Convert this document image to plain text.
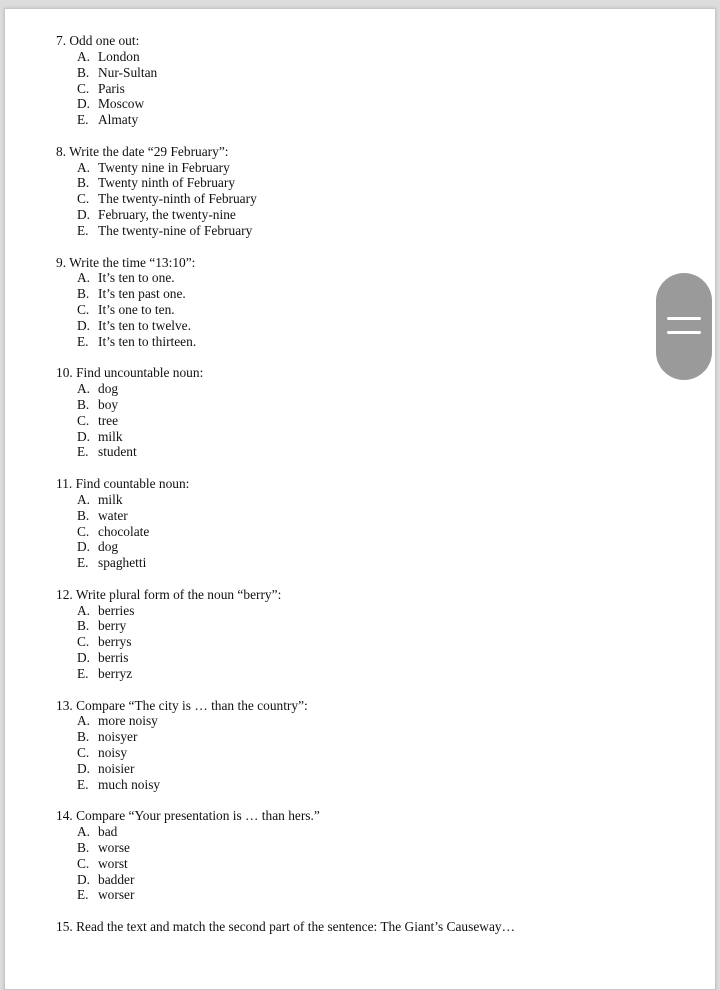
7. Odd one out:
A. London
B. Nur-Sultan
C. Paris
D. Moscow
E. Almaty
8. Write the date “29 February”:
A. Twenty nine in February
B. Twenty ninth of February
C. The twenty-ninth of February
D. February, the twenty-nine
E. The twenty-nine of February
9. Write the time “13:10”:
A. It’s ten to one.
B. It’s ten past one.
C. It’s one to ten.
D. It’s ten to twelve.
E. It’s ten to thirteen.
10. Find uncountable noun:
A. dog
B. boy
C. tree
D. milk
E. student
11. Find countable noun:
A. milk
B. water
C. chocolate
D. dog
E. spaghetti
12. Write plural form of the noun “berry”:
A. berries
B. berry
C. berrys
D. berris
E. berryz
13. Compare “The city is … than the country”:
A. more noisy
B. noisyer
C. noisy
D. noisier
E. much noisy
14. Compare “Your presentation is … than hers.”
A. bad
B. worse
C. worst
D. badder
E. worser
15. Read the text and match the second part of the sentence: The Giant’s Causeway…
